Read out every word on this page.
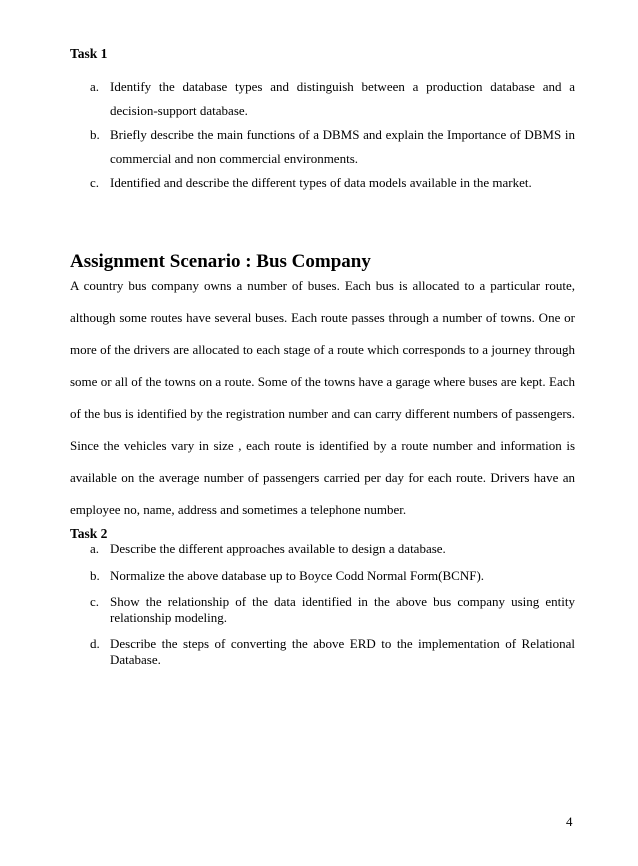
Task 1
a. Identify the database types and distinguish between a production database and a decision-support database.
b. Briefly describe the main functions of a DBMS and explain the Importance of DBMS in commercial and non commercial environments.
c. Identified and describe the different types of data models available in the market.
Assignment Scenario : Bus Company

A country bus company owns a number of buses. Each bus is allocated to a particular route, although some routes have several buses. Each route passes through a number of towns. One or more of the drivers are allocated to each stage of a route which corresponds to a journey through some or all of the towns on a route. Some of the towns have a garage where buses are kept. Each of the bus is identified by the registration number and can carry different numbers of passengers. Since the vehicles vary in size , each route is identified by a route number and information is available on the average number of passengers carried per day for each route. Drivers have an employee no, name, address and sometimes a telephone number.

Task 2
a. Describe the different approaches available to design a database.
b. Normalize the above database up to Boyce Codd Normal Form(BCNF).
c. Show the relationship of the data identified in the above bus company using entity relationship modeling.
d. Describe the steps of converting the above ERD to the implementation of Relational Database.
4
